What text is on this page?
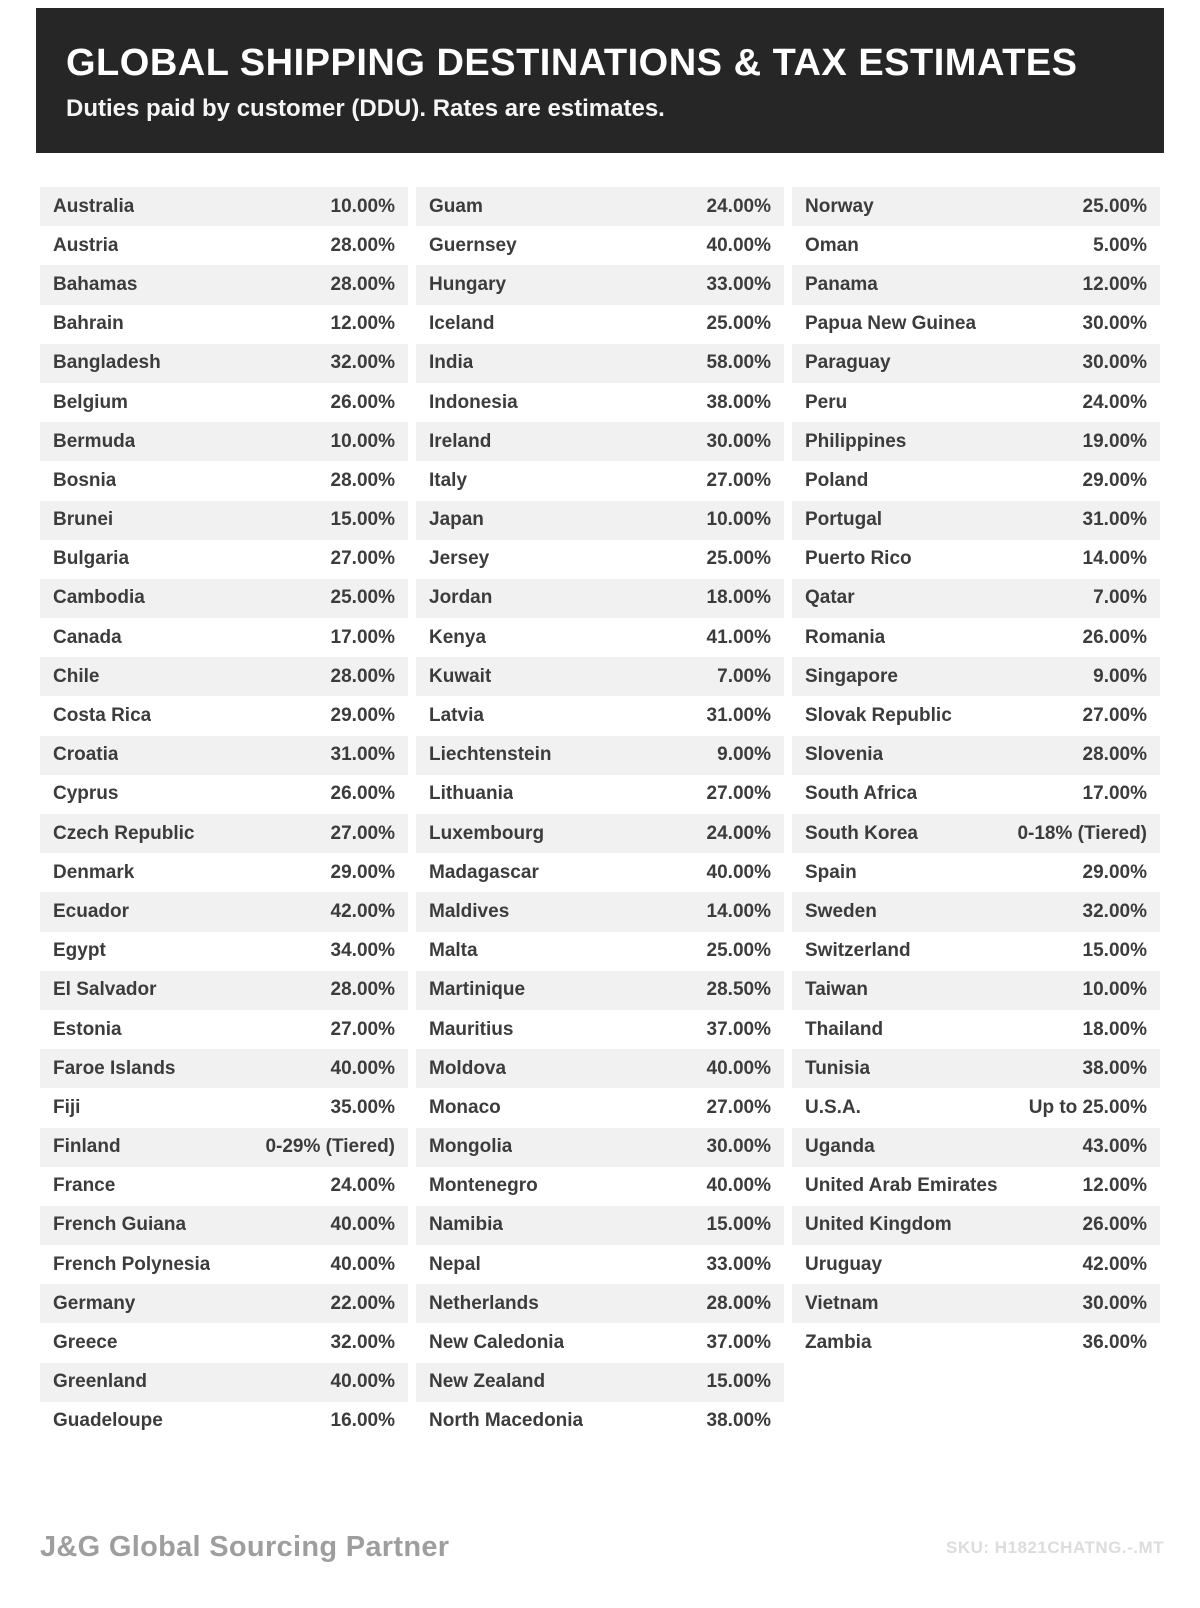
GLOBAL SHIPPING DESTINATIONS & TAX ESTIMATES
Duties paid by customer (DDU). Rates are estimates.
Australia	10.00%
Austria	28.00%
Bahamas	28.00%
Bahrain	12.00%
Bangladesh	32.00%
Belgium	26.00%
Bermuda	10.00%
Bosnia	28.00%
Brunei	15.00%
Bulgaria	27.00%
Cambodia	25.00%
Canada	17.00%
Chile	28.00%
Costa Rica	29.00%
Croatia	31.00%
Cyprus	26.00%
Czech Republic	27.00%
Denmark	29.00%
Ecuador	42.00%
Egypt	34.00%
El Salvador	28.00%
Estonia	27.00%
Faroe Islands	40.00%
Fiji	35.00%
Finland	0-29% (Tiered)
France	24.00%
French Guiana	40.00%
French Polynesia	40.00%
Germany	22.00%
Greece	32.00%
Greenland	40.00%
Guadeloupe	16.00%
Guam	24.00%
Guernsey	40.00%
Hungary	33.00%
Iceland	25.00%
India	58.00%
Indonesia	38.00%
Ireland	30.00%
Italy	27.00%
Japan	10.00%
Jersey	25.00%
Jordan	18.00%
Kenya	41.00%
Kuwait	7.00%
Latvia	31.00%
Liechtenstein	9.00%
Lithuania	27.00%
Luxembourg	24.00%
Madagascar	40.00%
Maldives	14.00%
Malta	25.00%
Martinique	28.50%
Mauritius	37.00%
Moldova	40.00%
Monaco	27.00%
Mongolia	30.00%
Montenegro	40.00%
Namibia	15.00%
Nepal	33.00%
Netherlands	28.00%
New Caledonia	37.00%
New Zealand	15.00%
North Macedonia	38.00%
Norway	25.00%
Oman	5.00%
Panama	12.00%
Papua New Guinea	30.00%
Paraguay	30.00%
Peru	24.00%
Philippines	19.00%
Poland	29.00%
Portugal	31.00%
Puerto Rico	14.00%
Qatar	7.00%
Romania	26.00%
Singapore	9.00%
Slovak Republic	27.00%
Slovenia	28.00%
South Africa	17.00%
South Korea	0-18% (Tiered)
Spain	29.00%
Sweden	32.00%
Switzerland	15.00%
Taiwan	10.00%
Thailand	18.00%
Tunisia	38.00%
U.S.A.	Up to 25.00%
Uganda	43.00%
United Arab Emirates	12.00%
United Kingdom	26.00%
Uruguay	42.00%
Vietnam	30.00%
Zambia	36.00%
J&G Global Sourcing Partner	SKU: H1821CHATNG.-.MT
